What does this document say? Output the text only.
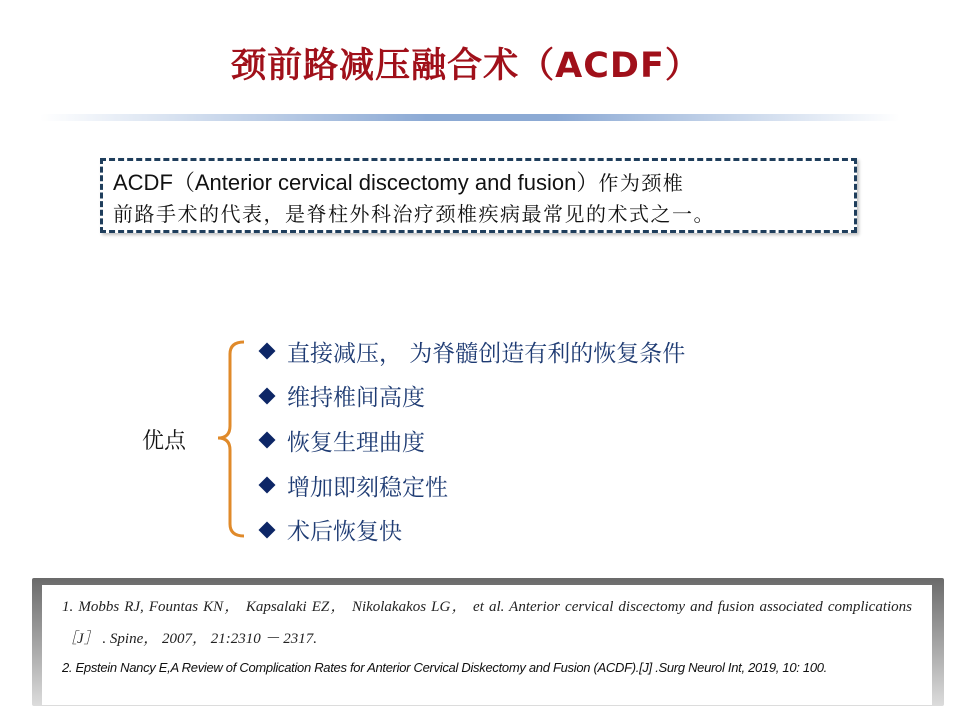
颈前路减压融合术（ACDF）
ACDF（Anterior cervical discectomy and fusion）作为颈椎
前路手术的代表，是脊柱外科治疗颈椎疾病最常见的术式之一。
优点
直接减压， 为脊髓创造有利的恢复条件
维持椎间高度
恢复生理曲度
增加即刻稳定性
术后恢复快
1. Mobbs RJ, Fountas KN， Kapsalaki EZ， Nikolakakos LG， et al. Anterior cervical discectomy and fusion associated complications ［J］ . Spine， 2007， 21:2310 － 2317.
2. Epstein Nancy E,A Review of Complication Rates for Anterior Cervical Diskectomy and Fusion (ACDF).[J] .Surg Neurol Int, 2019, 10: 100.
